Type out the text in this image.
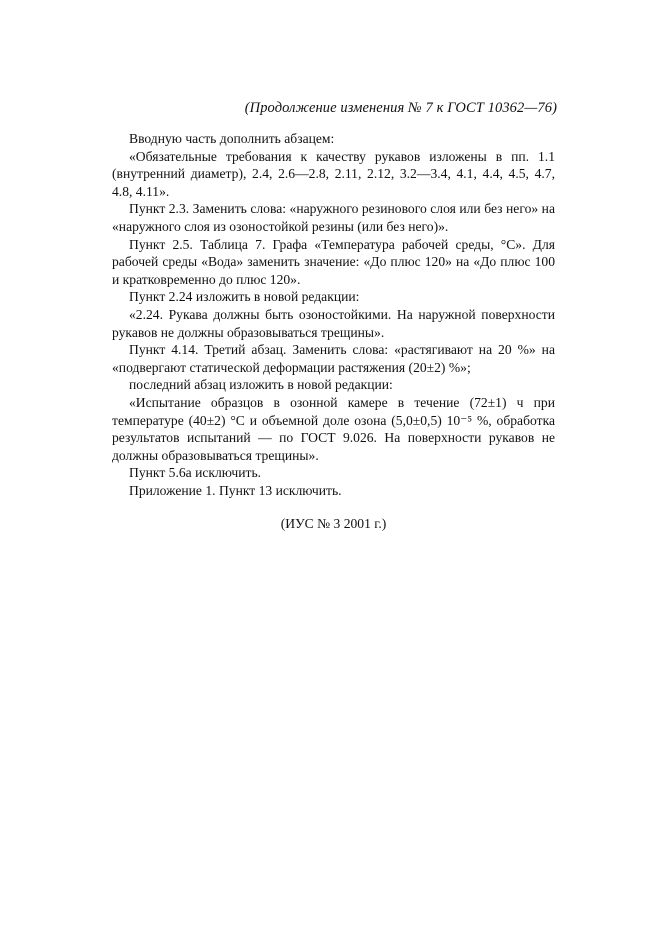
(Продолжение изменения № 7 к ГОСТ 10362—76)

Вводную часть дополнить абзацем:

«Обязательные требования к качеству рукавов изложены в пп. 1.1 (внутренний диаметр), 2.4, 2.6—2.8, 2.11, 2.12, 3.2—3.4, 4.1, 4.4, 4.5, 4.7, 4.8, 4.11».

Пункт 2.3. Заменить слова: «наружного резинового слоя или без него» на «наружного слоя из озоностойкой резины (или без него)».

Пункт 2.5. Таблица 7. Графа «Температура рабочей среды, °С». Для рабочей среды «Вода» заменить значение: «До плюс 120» на «До плюс 100 и кратковременно до плюс 120».

Пункт 2.24 изложить в новой редакции:

«2.24. Рукава должны быть озоностойкими. На наружной поверхности рукавов не должны образовываться трещины».

Пункт 4.14. Третий абзац. Заменить слова: «растягивают на 20 %» на «подвергают статической деформации растяжения (20±2) %»;

последний абзац изложить в новой редакции:

«Испытание образцов в озонной камере в течение (72±1) ч при температуре (40±2) °С и объемной доле озона (5,0±0,5) 10⁻⁵ %, обработка результатов испытаний — по ГОСТ 9.026. На поверхности рукавов не должны образовываться трещины».

Пункт 5.6а исключить.

Приложение 1. Пункт 13 исключить.

(ИУС № 3 2001 г.)
